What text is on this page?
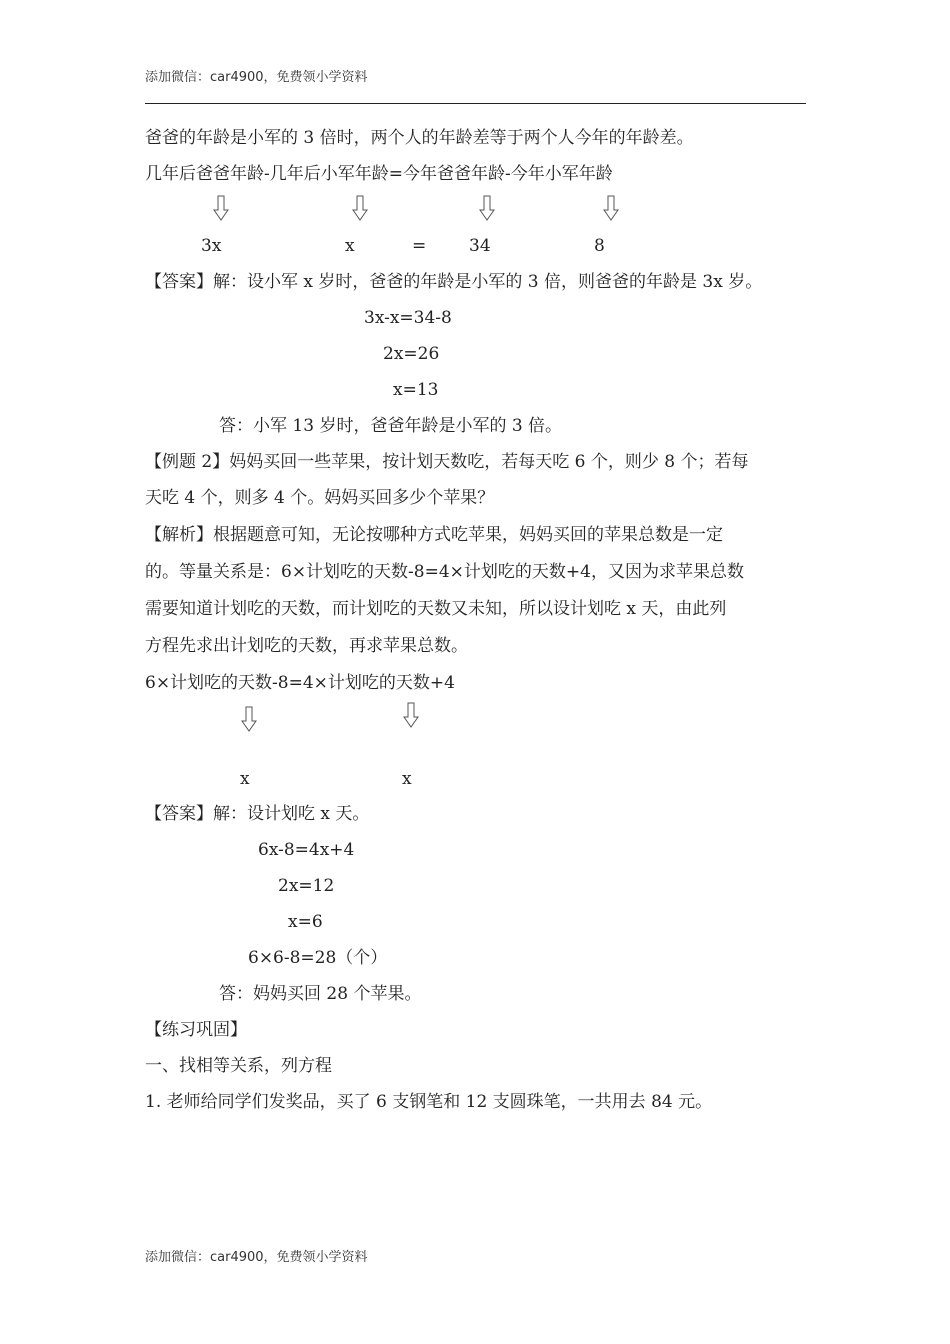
添加微信：car4900，免费领小学资料
爸爸的年龄是小军的 3 倍时，两个人的年龄差等于两个人今年的年龄差。
几年后爸爸年龄-几年后小军年龄=今年爸爸年龄-今年小军年龄
3x	x	=	34	8
【答案】解：设小军 x 岁时，爸爸的年龄是小军的 3 倍，则爸爸的年龄是 3x 岁。
3x-x=34-8
2x=26
x=13
答：小军 13 岁时，爸爸年龄是小军的 3 倍。
【例题 2】妈妈买回一些苹果，按计划天数吃，若每天吃 6 个，则少 8 个；若每
天吃 4 个，则多 4 个。妈妈买回多少个苹果？
【解析】根据题意可知，无论按哪种方式吃苹果，妈妈买回的苹果总数是一定
的。等量关系是：6×计划吃的天数-8=4×计划吃的天数+4，又因为求苹果总数
需要知道计划吃的天数，而计划吃的天数又未知，所以设计划吃 x 天，由此列
方程先求出计划吃的天数，再求苹果总数。
6×计划吃的天数-8=4×计划吃的天数+4
x	x
【答案】解：设计划吃 x 天。
6x-8=4x+4
2x=12
x=6
6×6-8=28（个）
答：妈妈买回 28 个苹果。
【练习巩固】
一、找相等关系，列方程
1. 老师给同学们发奖品，买了 6 支钢笔和 12 支圆珠笔，一共用去 84 元。
添加微信：car4900，免费领小学资料
